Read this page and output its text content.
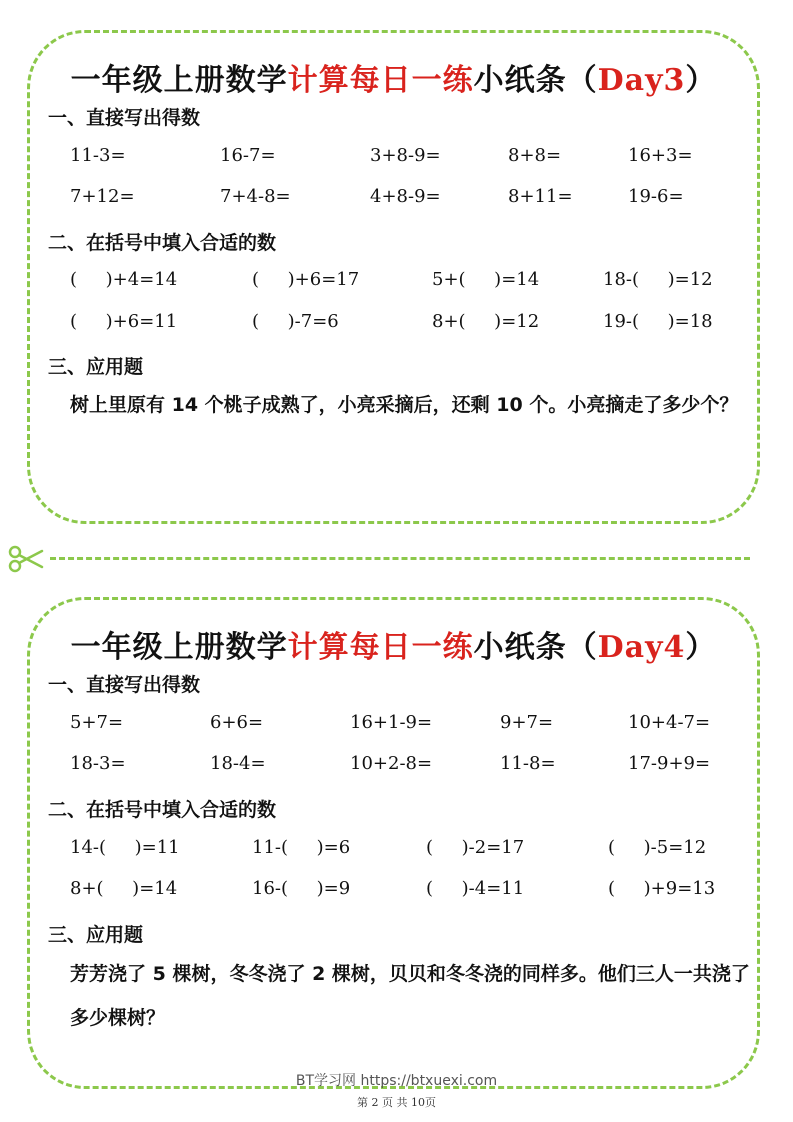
一年级上册数学计算每日一练小纸条（Day3）
一、直接写出得数
11-3=	16-7=	3+8-9=	8+8=	16+3=
7+12=	7+4-8=	4+8-9=	8+11=	19-6=
二、在括号中填入合适的数
(     )+4=14	(     )+6=17	5+(     )=14	18-(     )=12
(     )+6=11	(     )-7=6	8+(     )=12	19-(     )=18
三、应用题
树上里原有 14 个桃子成熟了，小亮采摘后，还剩 10 个。小亮摘走了多少个？
一年级上册数学计算每日一练小纸条（Day4）
一、直接写出得数
5+7=	6+6=	16+1-9=	9+7=	10+4-7=
18-3=	18-4=	10+2-8=	11-8=	17-9+9=
二、在括号中填入合适的数
14-(     )=11	11-(     )=6	(     )-2=17	(     )-5=12
8+(     )=14	16-(     )=9	(     )-4=11	(     )+9=13
三、应用题
芳芳浇了 5 棵树，冬冬浇了 2 棵树，贝贝和冬冬浇的同样多。他们三人一共浇了多少棵树？
BT学习网 https://btxuexi.com
第 2 页 共 10页
